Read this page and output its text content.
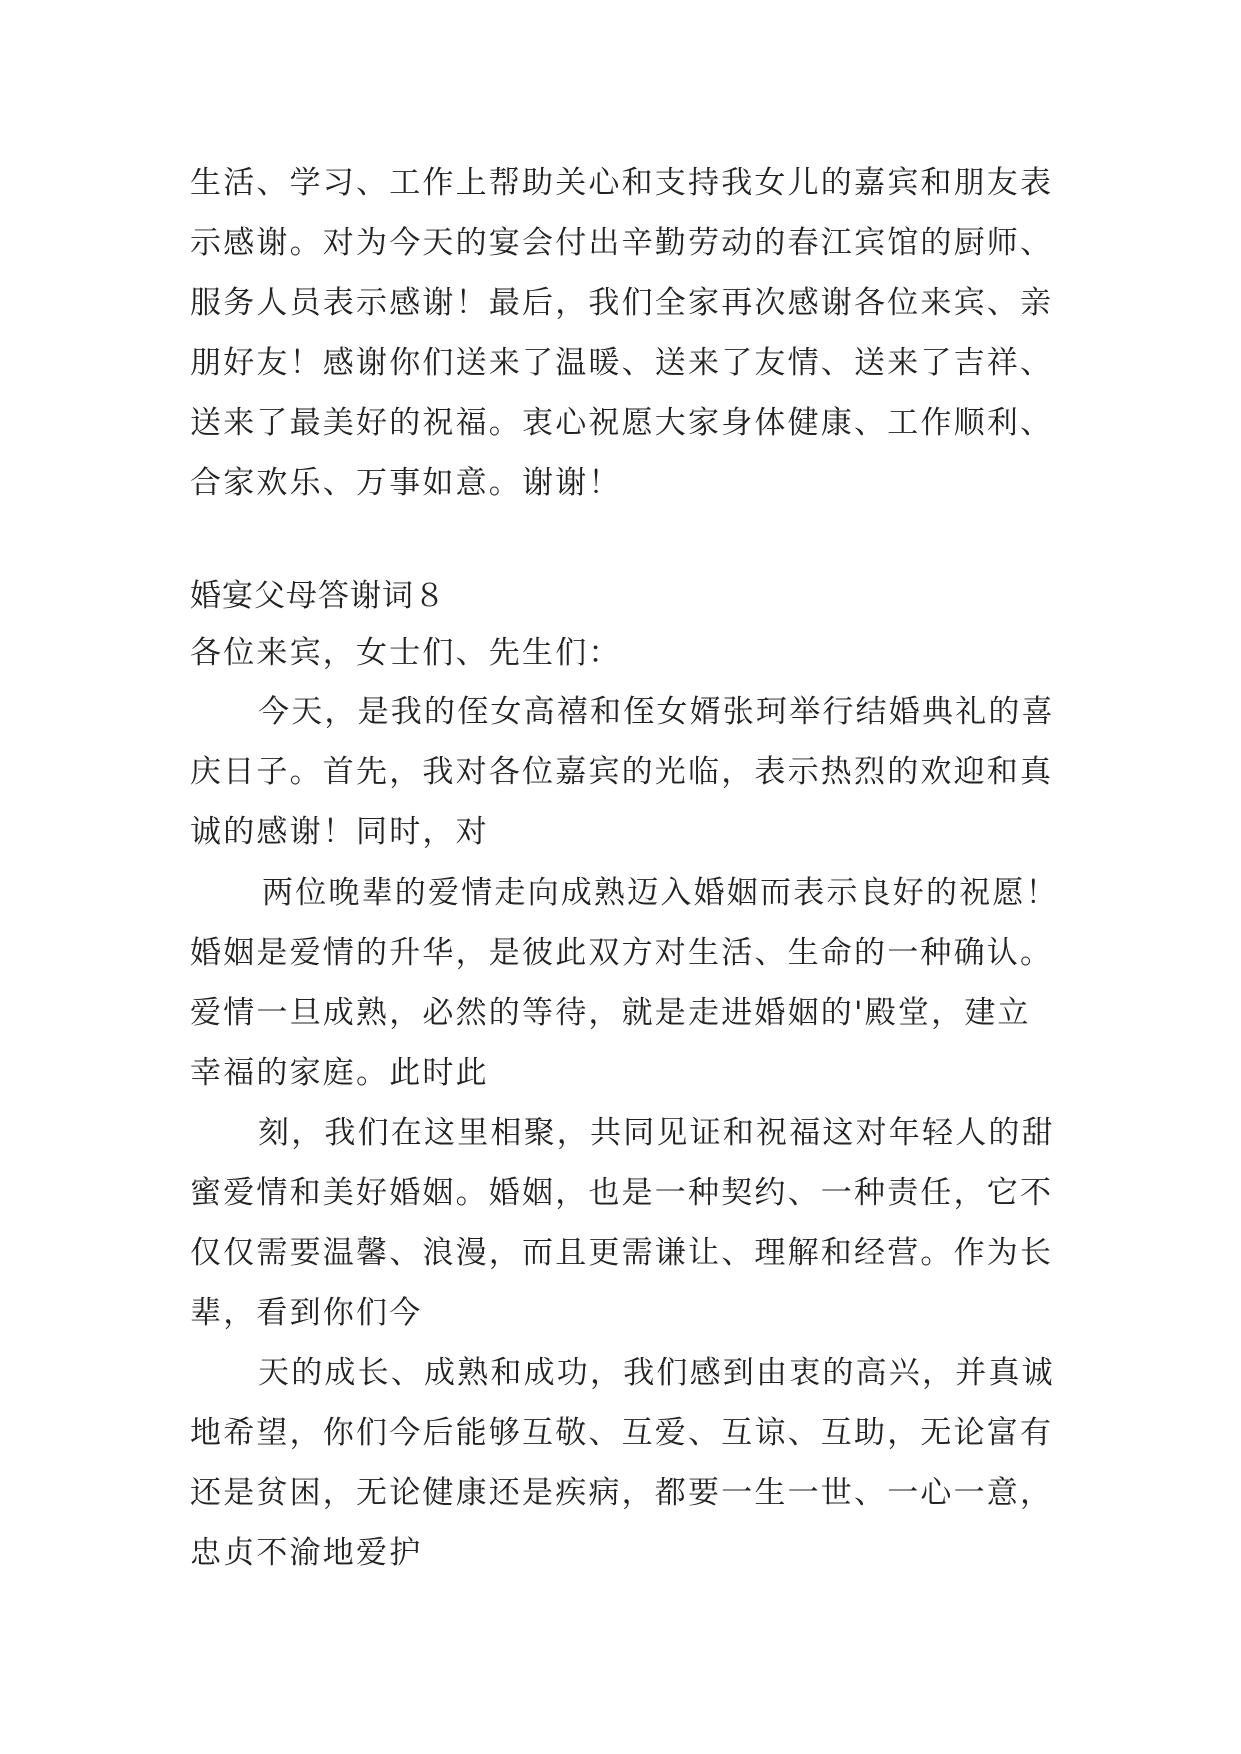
生活、学习、工作上帮助关心和支持我女儿的嘉宾和朋友表
示感谢。对为今天的宴会付出辛勤劳动的春江宾馆的厨师、
服务人员表示感谢！最后，我们全家再次感谢各位来宾、亲
朋好友！感谢你们送来了温暖、送来了友情、送来了吉祥、
送来了最美好的祝福。衷心祝愿大家身体健康、工作顺利、
合家欢乐、万事如意。谢谢！
婚宴父母答谢词８
各位来宾，女士们、先生们：
今天，是我的侄女高禧和侄女婿张珂举行结婚典礼的喜
庆日子。首先，我对各位嘉宾的光临，表示热烈的欢迎和真
诚的感谢！同时，对
两位晚辈的爱情走向成熟迈入婚姻而表示良好的祝愿！
婚姻是爱情的升华，是彼此双方对生活、生命的一种确认。
爱情一旦成熟，必然的等待，就是走进婚姻的'殿堂，建立
幸福的家庭。此时此
刻，我们在这里相聚，共同见证和祝福这对年轻人的甜
蜜爱情和美好婚姻。婚姻，也是一种契约、一种责任，它不
仅仅需要温馨、浪漫，而且更需谦让、理解和经营。作为长
辈，看到你们今
天的成长、成熟和成功，我们感到由衷的高兴，并真诚
地希望，你们今后能够互敬、互爱、互谅、互助，无论富有
还是贫困，无论健康还是疾病，都要一生一世、一心一意，
忠贞不渝地爱护
